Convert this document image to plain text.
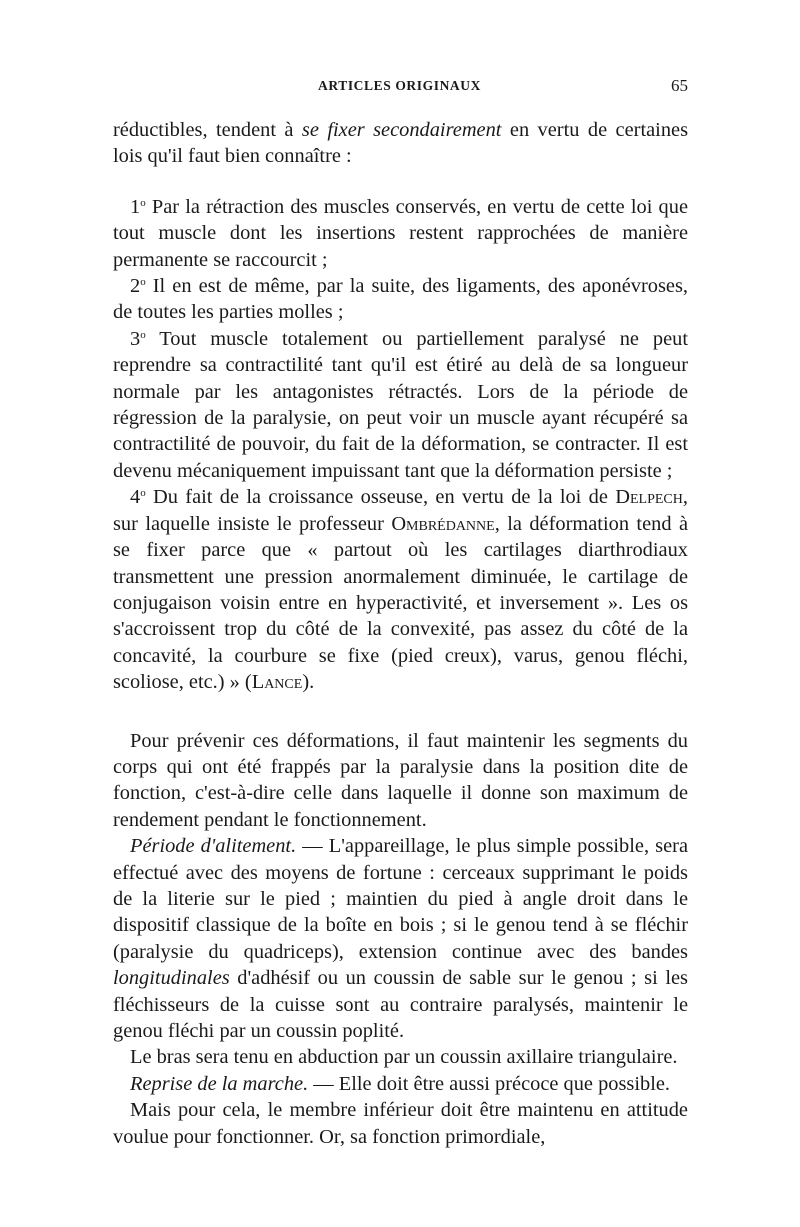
ARTICLES ORIGINAUX	65

réductibles, tendent à se fixer secondairement en vertu de certaines lois qu'il faut bien connaître :

1$^o$ Par la rétraction des muscles conservés, en vertu de cette loi que tout muscle dont les insertions restent rapprochées de manière permanente se raccourcit ;

2$^o$ Il en est de même, par la suite, des ligaments, des aponévroses, de toutes les parties molles ;

3$^o$ Tout muscle totalement ou partiellement paralysé ne peut reprendre sa contractilité tant qu'il est étiré au delà de sa longueur normale par les antagonistes rétractés. Lors de la période de régression de la paralysie, on peut voir un muscle ayant récupéré sa contractilité de pouvoir, du fait de la déformation, se contracter. Il est devenu mécaniquement impuissant tant que la déformation persiste ;

4$^o$ Du fait de la croissance osseuse, en vertu de la loi de Delpech, sur laquelle insiste le professeur Ombrédanne, la déformation tend à se fixer parce que « partout où les cartilages diarthrodiaux transmettent une pression anormalement diminuée, le cartilage de conjugaison voisin entre en hyperactivité, et inversement ». Les os s'accroissent trop du côté de la convexité, pas assez du côté de la concavité, la courbure se fixe (pied creux), varus, genou fléchi, scoliose, etc.) » (Lance).

Pour prévenir ces déformations, il faut maintenir les segments du corps qui ont été frappés par la paralysie dans la position dite de fonction, c'est-à-dire celle dans laquelle il donne son maximum de rendement pendant le fonctionnement.

Période d'alitement. — L'appareillage, le plus simple possible, sera effectué avec des moyens de fortune : cerceaux supprimant le poids de la literie sur le pied ; maintien du pied à angle droit dans le dispositif classique de la boîte en bois ; si le genou tend à se fléchir (paralysie du quadriceps), extension continue avec des bandes longitudinales d'adhésif ou un coussin de sable sur le genou ; si les fléchisseurs de la cuisse sont au contraire paralysés, maintenir le genou fléchi par un coussin poplité.

Le bras sera tenu en abduction par un coussin axillaire triangulaire.

Reprise de la marche. — Elle doit être aussi précoce que possible.

Mais pour cela, le membre inférieur doit être maintenu en attitude voulue pour fonctionner. Or, sa fonction primordiale,
